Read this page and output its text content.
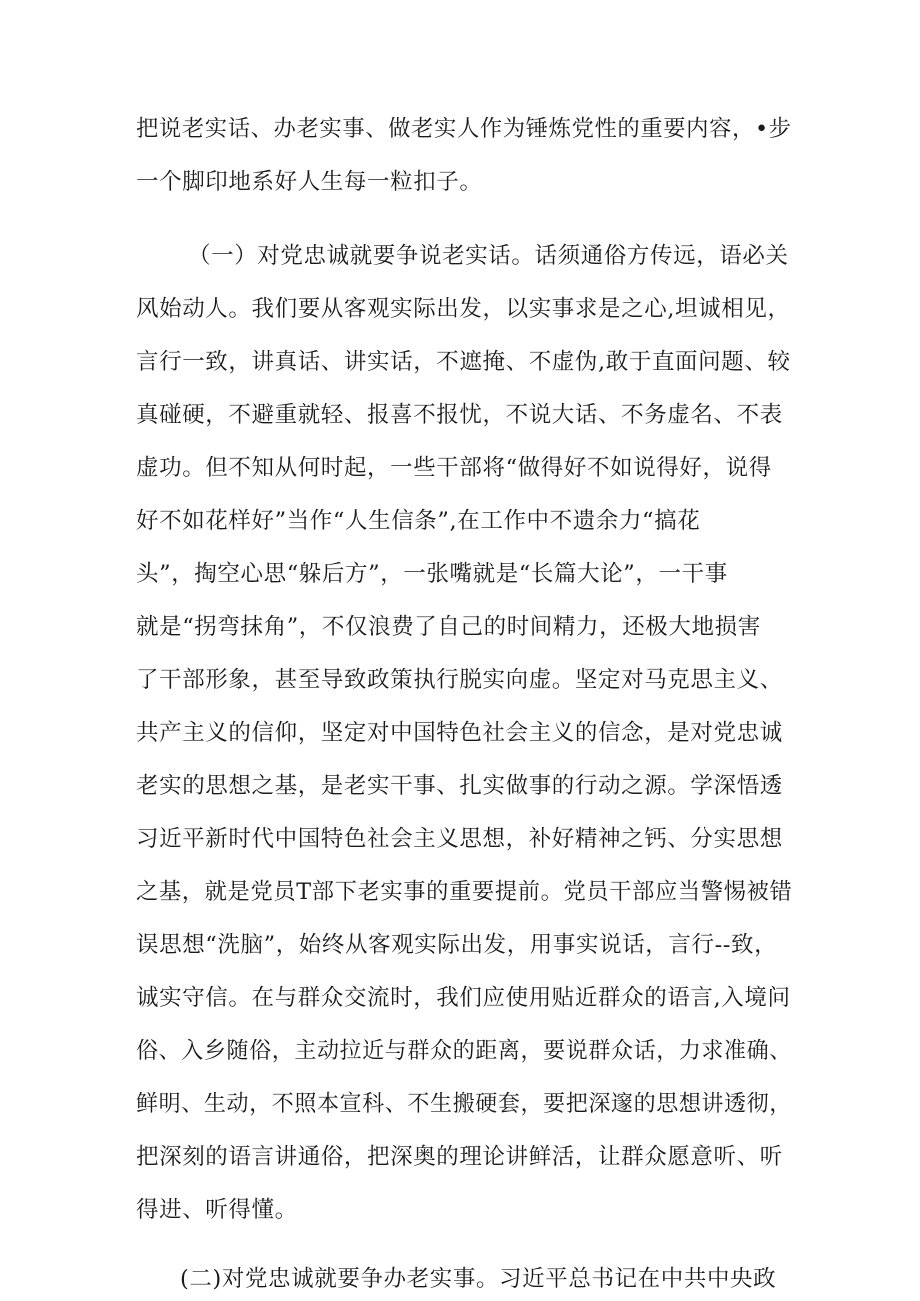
把说老实话、办老实事、做老实人作为锤炼党性的重要内容，•步
一个脚印地系好人生每一粒扣子。
（一）对党忠诚就要争说老实话。话须通俗方传远，语必关
风始动人。我们要从客观实际出发，以实事求是之心,坦诚相见，
言行一致，讲真话、讲实话，不遮掩、不虚伪,敢于直面问题、较
真碰硬，不避重就轻、报喜不报忧，不说大话、不务虚名、不表
虚功。但不知从何时起，一些干部将“做得好不如说得好，说得
好不如花样好”当作“人生信条”,在工作中不遗余力“搞花
头”，掏空心思“躲后方”，一张嘴就是“长篇大论”，一干事
就是“拐弯抹角”，不仅浪费了自己的时间精力，还极大地损害
了干部形象，甚至导致政策执行脱实向虚。坚定对马克思主义、
共产主义的信仰，坚定对中国特色社会主义的信念，是对党忠诚
老实的思想之基，是老实干事、扎实做事的行动之源。学深悟透
习近平新时代中国特色社会主义思想，补好精神之钙、分实思想
之基，就是党员T部下老实事的重要提前。党员干部应当警惕被错
误思想“洗脑”，始终从客观实际出发，用事实说话，言行--致，
诚实守信。在与群众交流时，我们应使用贴近群众的语言,入境问
俗、入乡随俗，主动拉近与群众的距离，要说群众话，力求准确、
鲜明、生动，不照本宣科、不生搬硬套，要把深邃的思想讲透彻，
把深刻的语言讲通俗，把深奥的理论讲鲜活，让群众愿意听、听
得进、听得懂。
(二)对党忠诚就要争办老实事。习近平总书记在中共中央政
